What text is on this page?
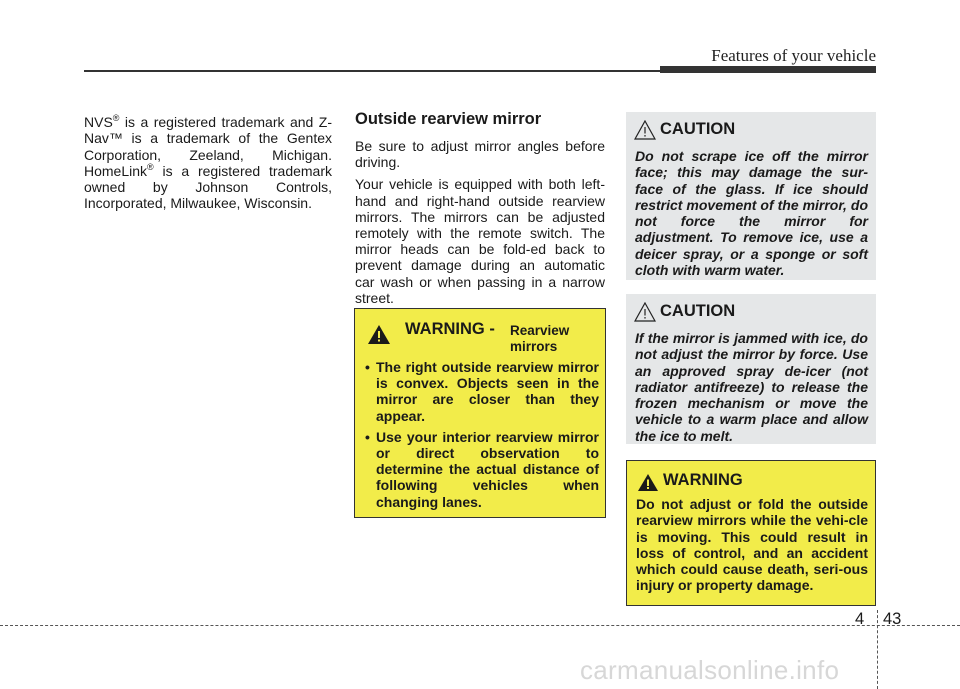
Features of your vehicle

NVS® is a registered trademark and Z-Nav™ is a trademark of the Gentex Corporation, Zeeland, Michigan. HomeLink® is a registered trademark owned by Johnson Controls, Incorporated, Milwaukee, Wisconsin.

Outside rearview mirror

Be sure to adjust mirror angles before driving.

Your vehicle is equipped with both left-hand and right-hand outside rearview mirrors. The mirrors can be adjusted remotely with the remote switch. The mirror heads can be fold-ed back to prevent damage during an automatic car wash or when passing in a narrow street.

WARNING - Rearview mirrors
• The right outside rearview mirror is convex. Objects seen in the mirror are closer than they appear.
• Use your interior rearview mirror or direct observation to determine the actual distance of following vehicles when changing lanes.
CAUTION
Do not scrape ice off the mirror face; this may damage the sur-face of the glass. If ice should restrict movement of the mirror, do not force the mirror for adjustment. To remove ice, use a deicer spray, or a sponge or soft cloth with warm water.
CAUTION
If the mirror is jammed with ice, do not adjust the mirror by force. Use an approved spray de-icer (not radiator antifreeze) to release the frozen mechanism or move the vehicle to a warm place and allow the ice to melt.
WARNING
Do not adjust or fold the outside rearview mirrors while the vehi-cle is moving. This could result in loss of control, and an accident which could cause death, seri-ous injury or property damage.
4 43
carmanualsonline.info
